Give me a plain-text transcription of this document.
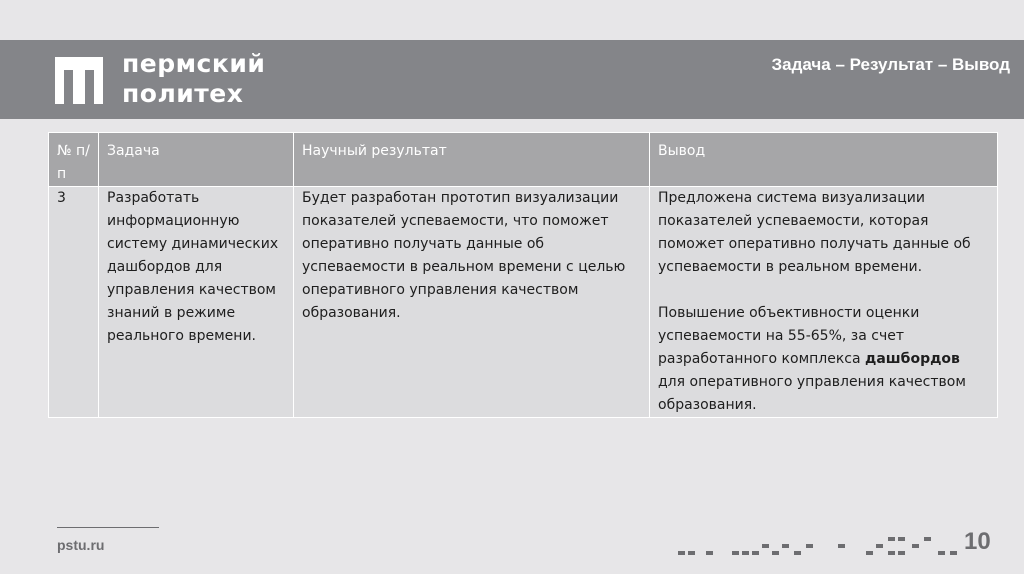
пермский
политех
Задача – Результат – Вывод
№ п/п	Задача	Научный результат	Вывод
3	Разработать информационную систему динамических дашбордов для управления качеством знаний в режиме реального времени.	Будет разработан прототип визуализации показателей успеваемости, что поможет оперативно получать данные об успеваемости в реальном времени с целью оперативного управления качеством образования.	Предложена система визуализации показателей успеваемости, которая поможет оперативно получать данные об успеваемости в реальном времени.

Повышение объективности оценки успеваемости на 55-65%, за счет разработанного комплекса дашбордов для оперативного управления качеством образования.

pstu.ru	10
